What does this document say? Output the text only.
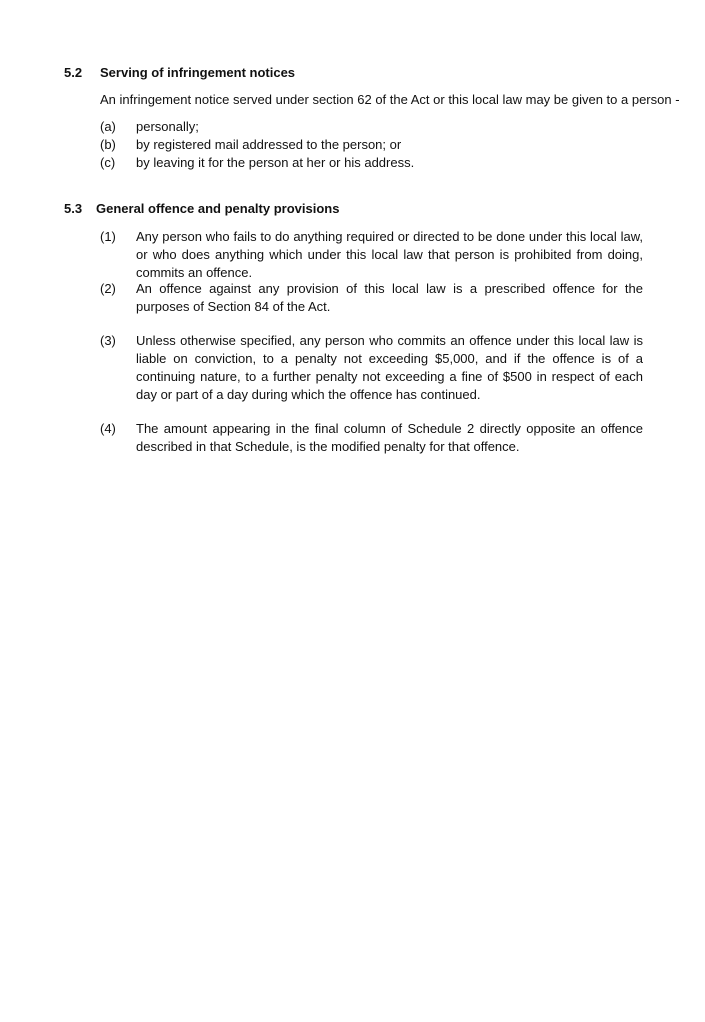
5.2 Serving of infringement notices
An infringement notice served under section 62 of the Act or this local law may be given to a person -
(a) personally;
(b) by registered mail addressed to the person; or
(c) by leaving it for the person at her or his address.
5.3 General offence and penalty provisions
(1) Any person who fails to do anything required or directed to be done under this local law, or who does anything which under this local law that person is prohibited from doing, commits an offence.
(2) An offence against any provision of this local law is a prescribed offence for the purposes of Section 84 of the Act.
(3) Unless otherwise specified, any person who commits an offence under this local law is liable on conviction, to a penalty not exceeding $5,000, and if the offence is of a continuing nature, to a further penalty not exceeding a fine of $500 in respect of each day or part of a day during which the offence has continued.
(4) The amount appearing in the final column of Schedule 2 directly opposite an offence described in that Schedule, is the modified penalty for that offence.
